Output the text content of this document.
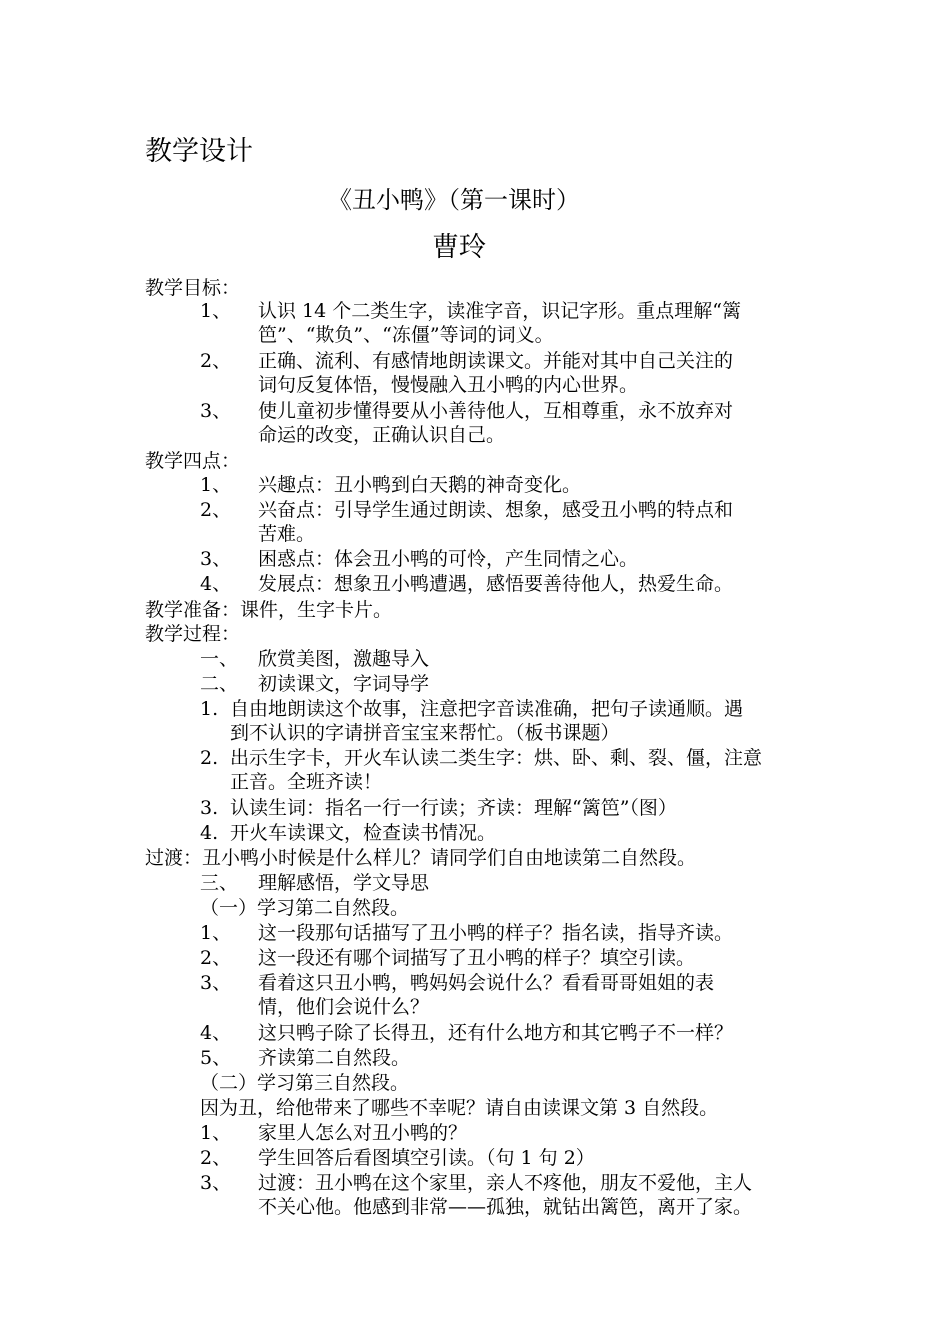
教学设计
《丑小鸭》（第一课时）
曹玲
教学目标：
1、 认识 14 个二类生字，读准字音，识记字形。重点理解“篱
笆”、“欺负”、“冻僵”等词的词义。
2、 正确、流利、有感情地朗读课文。并能对其中自己关注的
词句反复体悟，慢慢融入丑小鸭的内心世界。
3、 使儿童初步懂得要从小善待他人，互相尊重，永不放弃对
命运的改变，正确认识自己。
教学四点：
1、 兴趣点：丑小鸭到白天鹅的神奇变化。
2、 兴奋点：引导学生通过朗读、想象，感受丑小鸭的特点和
苦难。
3、 困惑点：体会丑小鸭的可怜，产生同情之心。
4、 发展点：想象丑小鸭遭遇，感悟要善待他人，热爱生命。
教学准备：课件，生字卡片。
教学过程：
一、 欣赏美图，激趣导入
二、 初读课文，字词导学
1. 自由地朗读这个故事，注意把字音读准确，把句子读通顺。遇
到不认识的字请拼音宝宝来帮忙。（板书课题）
2. 出示生字卡，开火车认读二类生字：烘、卧、剩、裂、僵，注意
正音。全班齐读！
3. 认读生词：指名一行一行读；齐读：理解“篱笆”（图）
4. 开火车读课文，检查读书情况。
过渡：丑小鸭小时候是什么样儿？请同学们自由地读第二自然段。
三、 理解感悟，学文导思
（一）学习第二自然段。
1、 这一段那句话描写了丑小鸭的样子？指名读，指导齐读。
2、 这一段还有哪个词描写了丑小鸭的样子？填空引读。
3、 看着这只丑小鸭，鸭妈妈会说什么？看看哥哥姐姐的表
情，他们会说什么？
4、 这只鸭子除了长得丑，还有什么地方和其它鸭子不一样？
5、 齐读第二自然段。
（二）学习第三自然段。
因为丑，给他带来了哪些不幸呢？请自由读课文第 3 自然段。
1、 家里人怎么对丑小鸭的？
2、 学生回答后看图填空引读。（句 1 句 2）
3、 过渡：丑小鸭在这个家里，亲人不疼他，朋友不爱他，主人
不关心他。他感到非常——孤独，就钻出篱笆，离开了家。
